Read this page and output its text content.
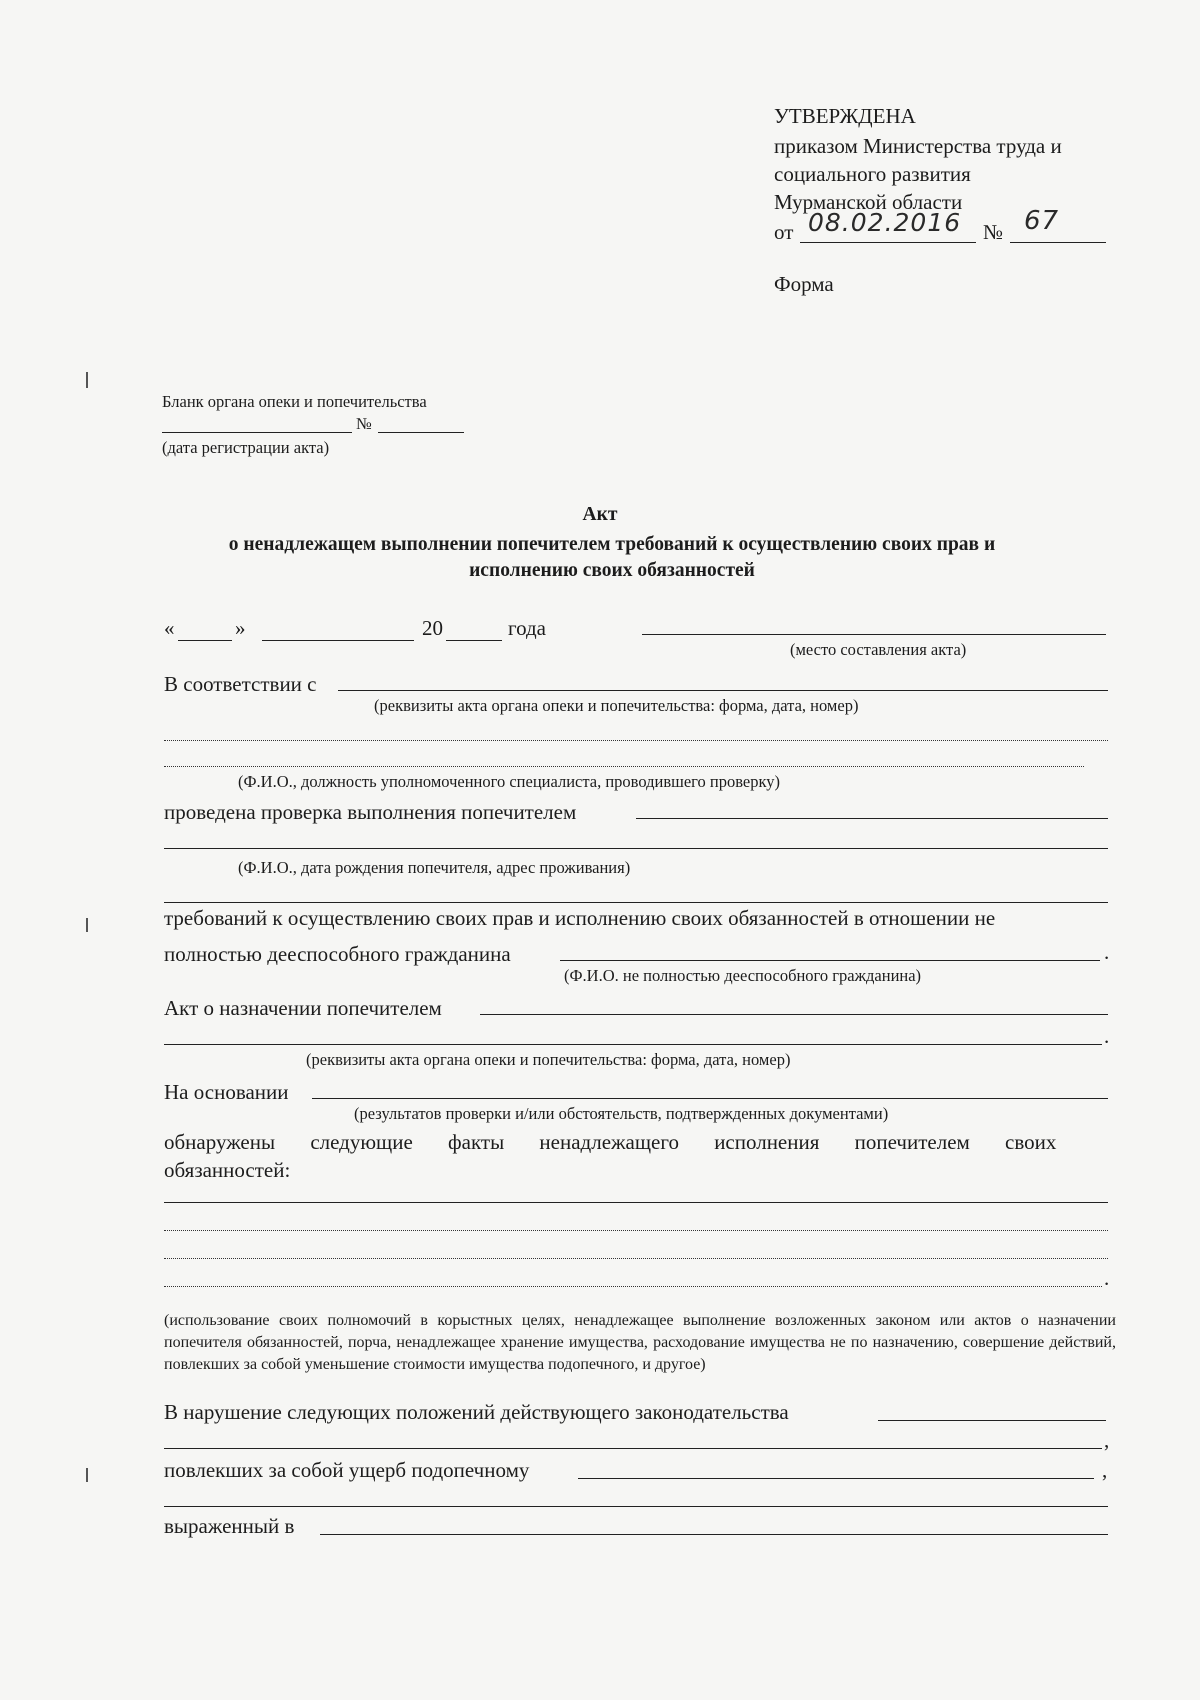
УТВЕРЖДЕНА
приказом Министерства труда и
социального развития
Мурманской области
от 08.02.2016 № 67
Форма
Бланк органа опеки и попечительства
№
(дата регистрации акта)
Акт
о ненадлежащем выполнении попечителем требований к осуществлению своих прав и
исполнению своих обязанностей
«	»	20	года
(место составления акта)
В соответствии с
(реквизиты акта органа опеки и попечительства: форма, дата, номер)
(Ф.И.О., должность уполномоченного специалиста, проводившего проверку)
проведена проверка выполнения попечителем
(Ф.И.О., дата рождения попечителя, адрес проживания)
требований к осуществлению своих прав и исполнению своих обязанностей в отношении не
полностью дееспособного гражданина	.
(Ф.И.О. не полностью дееспособного гражданина)
Акт о назначении попечителем
.
(реквизиты акта органа опеки и попечительства: форма, дата, номер)
На основании
(результатов проверки и/или обстоятельств, подтвержденных документами)
обнаружены следующие факты ненадлежащего исполнения попечителем своих
обязанностей:
.
(использование своих полномочий в корыстных целях, ненадлежащее выполнение возложенных законом или актов о назначении попечителя обязанностей, порча, ненадлежащее хранение имущества, расходование имущества не по назначению, совершение действий, повлекших за собой уменьшение стоимости имущества подопечного, и другое)
В нарушение следующих положений действующего законодательства
,
повлекших за собой ущерб подопечному	,
выраженный в
